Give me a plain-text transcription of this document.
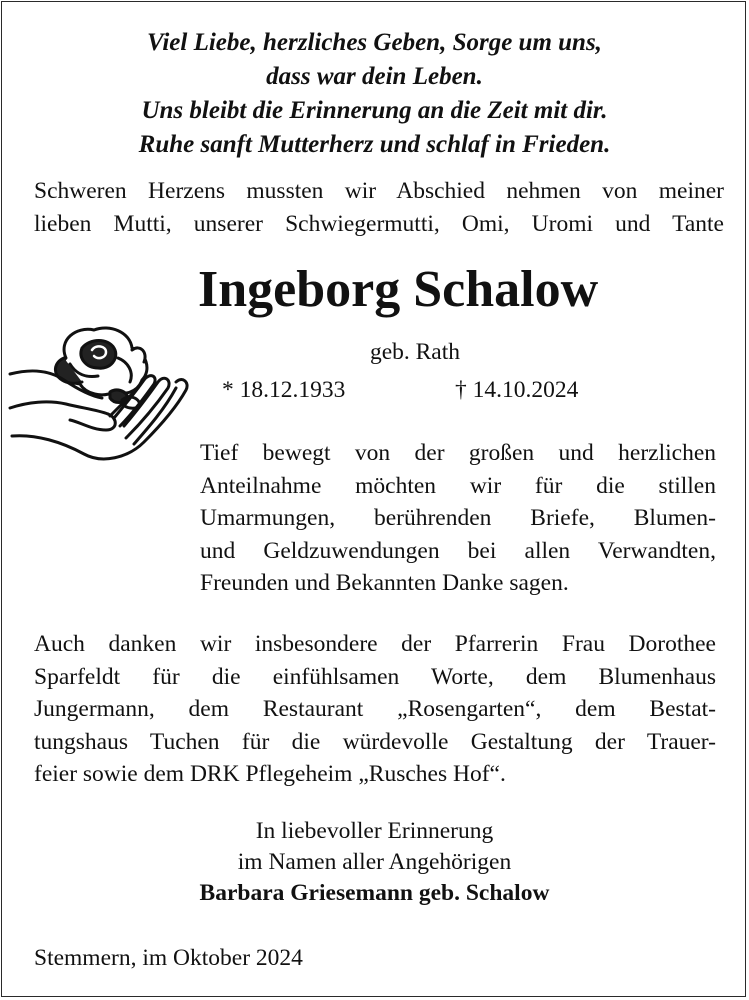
Viel Liebe, herzliches Geben, Sorge um uns,
dass war dein Leben.
Uns bleibt die Erinnerung an die Zeit mit dir.
Ruhe sanft Mutterherz und schlaf in Frieden.
Schweren Herzens mussten wir Abschied nehmen von meiner
lieben Mutti, unserer Schwiegermutti, Omi, Uromi und Tante
Ingeborg Schalow
geb. Rath
* 18.12.1933	† 14.10.2024
Tief bewegt von der großen und herzlichen
Anteilnahme möchten wir für die stillen
Umarmungen, berührenden Briefe, Blumen-
und Geldzuwendungen bei allen Verwandten,
Freunden und Bekannten Danke sagen.
Auch danken wir insbesondere der Pfarrerin Frau Dorothee
Sparfeldt für die einfühlsamen Worte, dem Blumenhaus
Jungermann, dem Restaurant „Rosengarten“, dem Bestat-
tungshaus Tuchen für die würdevolle Gestaltung der Trauer-
feier sowie dem DRK Pflegeheim „Rusches Hof“.
In liebevoller Erinnerung
im Namen aller Angehörigen
Barbara Griesemann geb. Schalow
Stemmern, im Oktober 2024
